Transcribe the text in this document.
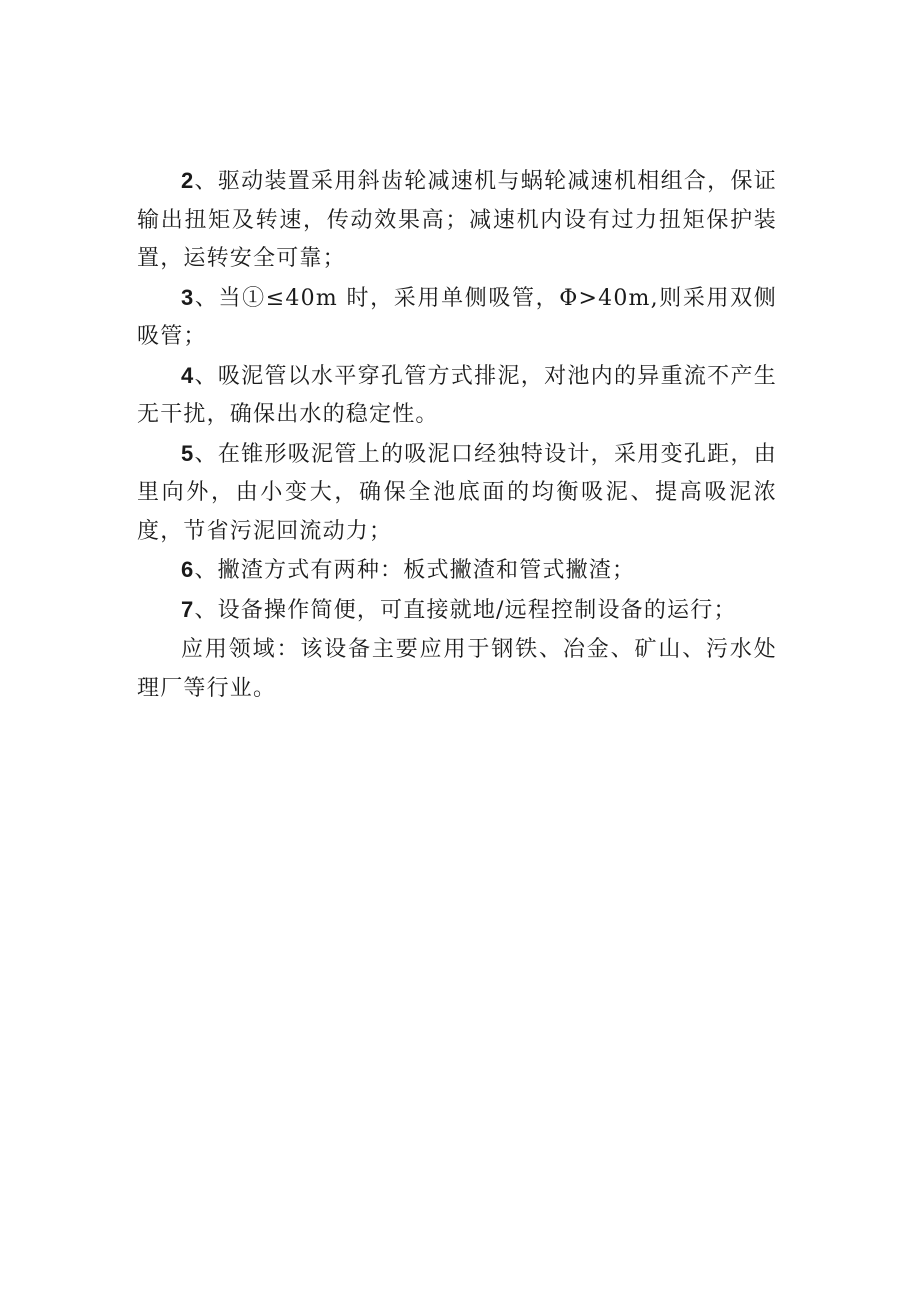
2、驱动装置采用斜齿轮减速机与蜗轮减速机相组合，保证输出扭矩及转速，传动效果高；减速机内设有过力扭矩保护装置，运转安全可靠；

3、当①≤40m 时，采用单侧吸管，Φ>40m,则采用双侧吸管；

4、吸泥管以水平穿孔管方式排泥，对池内的异重流不产生无干扰，确保出水的稳定性。

5、在锥形吸泥管上的吸泥口经独特设计，采用变孔距，由里向外，由小变大，确保全池底面的均衡吸泥、提高吸泥浓度，节省污泥回流动力；

6、撇渣方式有两种：板式撇渣和管式撇渣；

7、设备操作简便，可直接就地/远程控制设备的运行；

应用领域：该设备主要应用于钢铁、冶金、矿山、污水处理厂等行业。
